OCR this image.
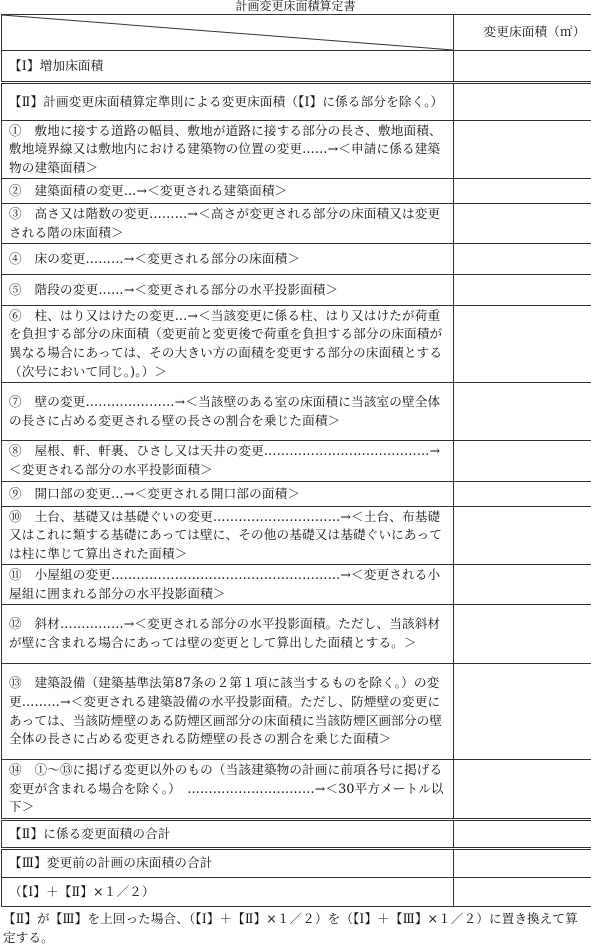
計画変更床面積算定書
	変更床面積（㎡）
【Ⅰ】増加床面積	
【Ⅱ】計画変更床面積算定準則による変更床面積（【Ⅰ】に係る部分を除く。）	
①　敷地に接する道路の幅員、敷地が道路に接する部分の長さ、敷地面積、敷地境界線又は敷地内における建築物の位置の変更……→＜申請に係る建築物の建築面積＞	
②　建築面積の変更…→＜変更される建築面積＞	
③　高さ又は階数の変更………→＜高さが変更される部分の床面積又は変更される階の床面積＞	
④　床の変更………→＜変更される部分の床面積＞	
⑤　階段の変更……→＜変更される部分の水平投影面積＞	
⑥　柱、はり又はけたの変更…→＜当該変更に係る柱、はり又はけたが荷重を負担する部分の床面積（変更前と変更後で荷重を負担する部分の床面積が異なる場合にあっては、その大きい方の面積を変更する部分の床面積とする（次号において同じ。)。）＞	
⑦　壁の変更…………………→＜当該壁のある室の床面積に当該室の壁全体の長さに占める変更される壁の長さの割合を乗じた面積＞	
⑧　屋根、軒、軒裏、ひさし又は天井の変更…………………………………→＜変更される部分の水平投影面積＞	
⑨　開口部の変更…→＜変更される開口部の面積＞	
⑩　土台、基礎又は基礎ぐいの変更…………………………→＜土台、布基礎又はこれに類する基礎にあっては壁に、その他の基礎又は基礎ぐいにあっては柱に準じて算出された面積＞	
⑪　小屋組の変更………………………………………………→＜変更される小屋組に囲まれる部分の水平投影面積＞	
⑫　斜材……………→＜変更される部分の水平投影面積。ただし、当該斜材が壁に含まれる場合にあっては壁の変更として算出した面積とする。＞	
⑬　建築設備（建築基準法第87条の２第１項に該当するものを除く。）の変更………→＜変更される建築設備の水平投影面積。ただし、防煙壁の変更にあっては、当該防煙壁のある防煙区画部分の床面積に当該防煙区画部分の壁全体の長さに占める変更される防煙壁の長さの割合を乗じた面積＞	
⑭　①～⑬に掲げる変更以外のもの（当該建築物の計画に前項各号に掲げる変更が含まれる場合を除く。）　…………………………→＜30平方メートル以下＞	
【Ⅱ】に係る変更面積の合計	
【Ⅲ】変更前の計画の床面積の合計	
（【Ⅰ】＋【Ⅱ】×１／２）	
【Ⅱ】が【Ⅲ】を上回った場合、（【Ⅰ】＋【Ⅱ】×１／２）を（【Ⅰ】＋【Ⅲ】×１／２）に置き換えて算定する。
